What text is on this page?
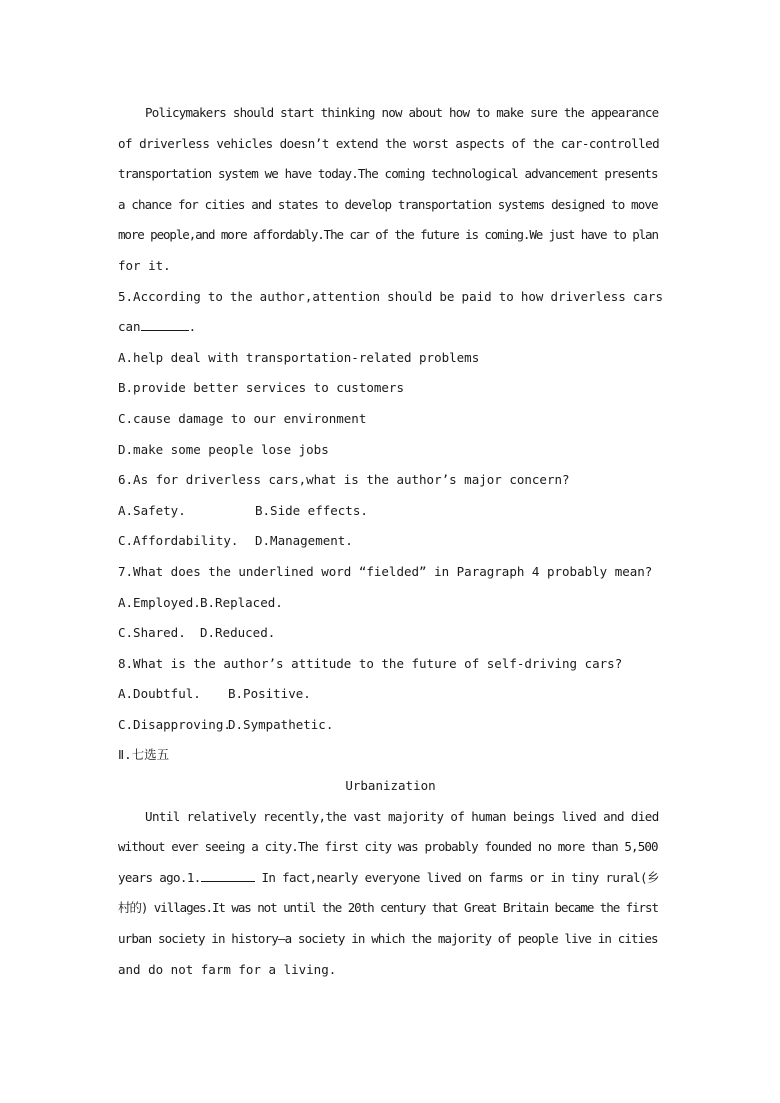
Policymakers should start thinking now about how to make sure the appearance
of driverless vehicles doesn’t extend the worst aspects of the car-controlled
transportation system we have today.The coming technological advancement presents
a chance for cities and states to develop transportation systems designed to move
more people,and more affordably.The car of the future is coming.We just have to plan
for it.
5.According to the author,attention should be paid to how driverless cars
can	.
A.help deal with transportation-related problems
B.provide better services to customers
C.cause damage to our environment
D.make some people lose jobs
6.As for driverless cars,what is the author’s major concern?
A.Safety.	B.Side effects.
C.Affordability. D.Management.
7.What does the underlined word “fielded” in Paragraph 4 probably mean?
A.Employed.B.Replaced.
C.Shared. D.Reduced.
8.What is the author’s attitude to the future of self-driving cars?
A.Doubtful. B.Positive.
C.Disapproving.D.Sympathetic.
Ⅱ.七选五
Urbanization
Until relatively recently,the vast majority of human beings lived and died
without ever seeing a city.The first city was probably founded no more than 5,500
years ago.1.	In fact,nearly everyone lived on farms or in tiny rural(乡
村的) villages.It was not until the 20th century that Great Britain became the first
urban society in history—a society in which the majority of people live in cities
and do not farm for a living.
